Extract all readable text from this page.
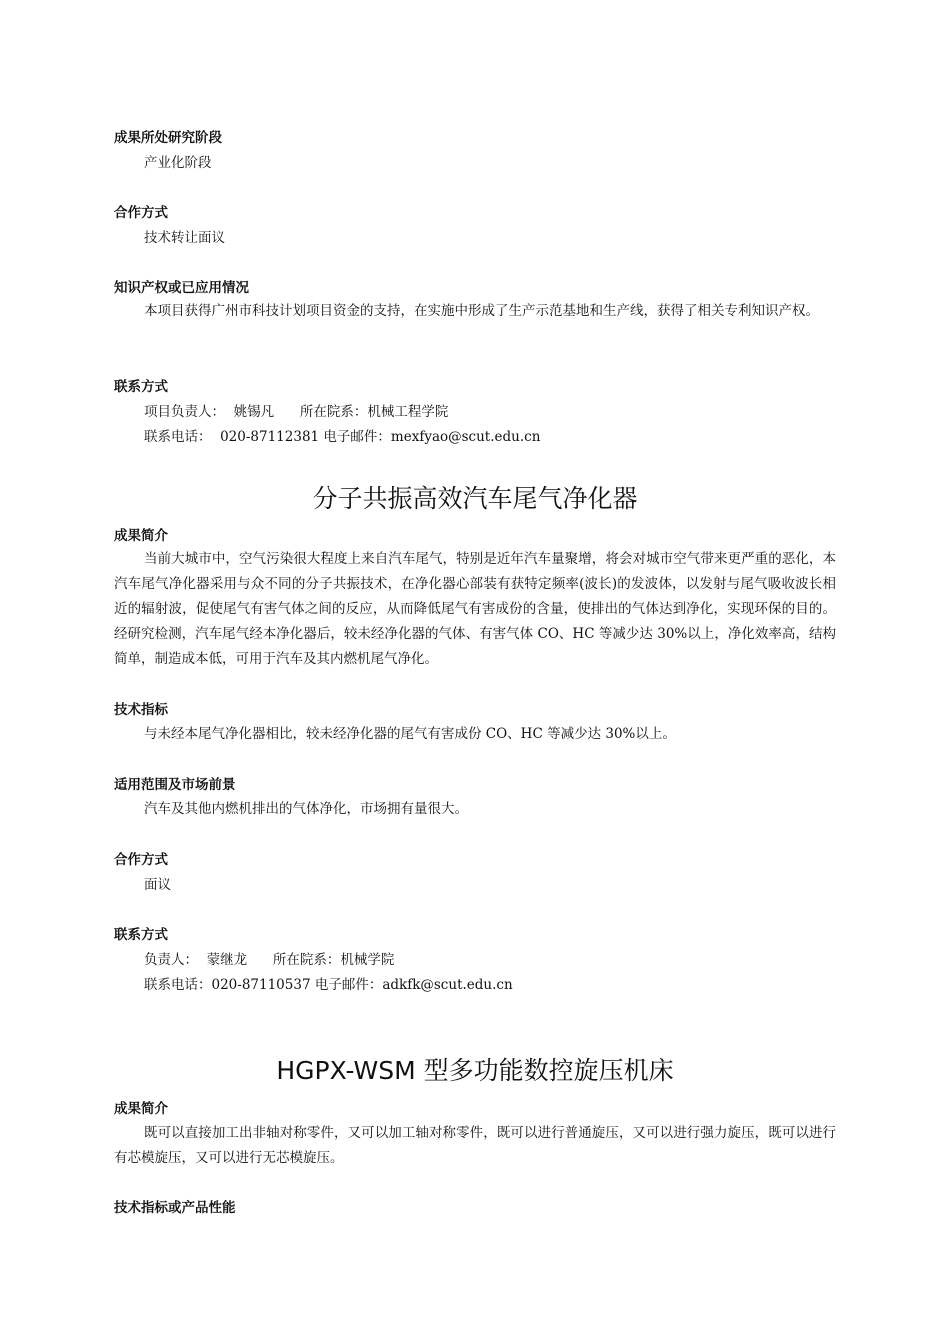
成果所处研究阶段
产业化阶段
合作方式
技术转让面议
知识产权或已应用情况
本项目获得广州市科技计划项目资金的支持，在实施中形成了生产示范基地和生产线，获得了相关专利知识产权。
联系方式
项目负责人：  姚锡凡      所在院系：机械工程学院
联系电话：  020-87112381 电子邮件：mexfyao@scut.edu.cn
分子共振高效汽车尾气净化器
成果简介
当前大城市中，空气污染很大程度上来自汽车尾气，特别是近年汽车量聚增，将会对城市空气带来更严重的恶化，本汽车尾气净化器采用与众不同的分子共振技术，在净化器心部装有获特定频率(波长)的发波体，以发射与尾气吸收波长相近的辐射波，促使尾气有害气体之间的反应，从而降低尾气有害成份的含量，使排出的气体达到净化，实现环保的目的。经研究检测，汽车尾气经本净化器后，较未经净化器的气体、有害气体 CO、HC 等减少达 30%以上，净化效率高，结构简单，制造成本低，可用于汽车及其内燃机尾气净化。
技术指标
与未经本尾气净化器相比，较未经净化器的尾气有害成份 CO、HC 等减少达 30%以上。
适用范围及市场前景
汽车及其他内燃机排出的气体净化，市场拥有量很大。
合作方式
面议
联系方式
负责人：  蒙继龙      所在院系：机械学院
联系电话：020-87110537 电子邮件：adkfk@scut.edu.cn
HGPX-WSM 型多功能数控旋压机床
成果简介
既可以直接加工出非轴对称零件，又可以加工轴对称零件，既可以进行普通旋压，又可以进行强力旋压，既可以进行有芯模旋压，又可以进行无芯模旋压。
技术指标或产品性能
